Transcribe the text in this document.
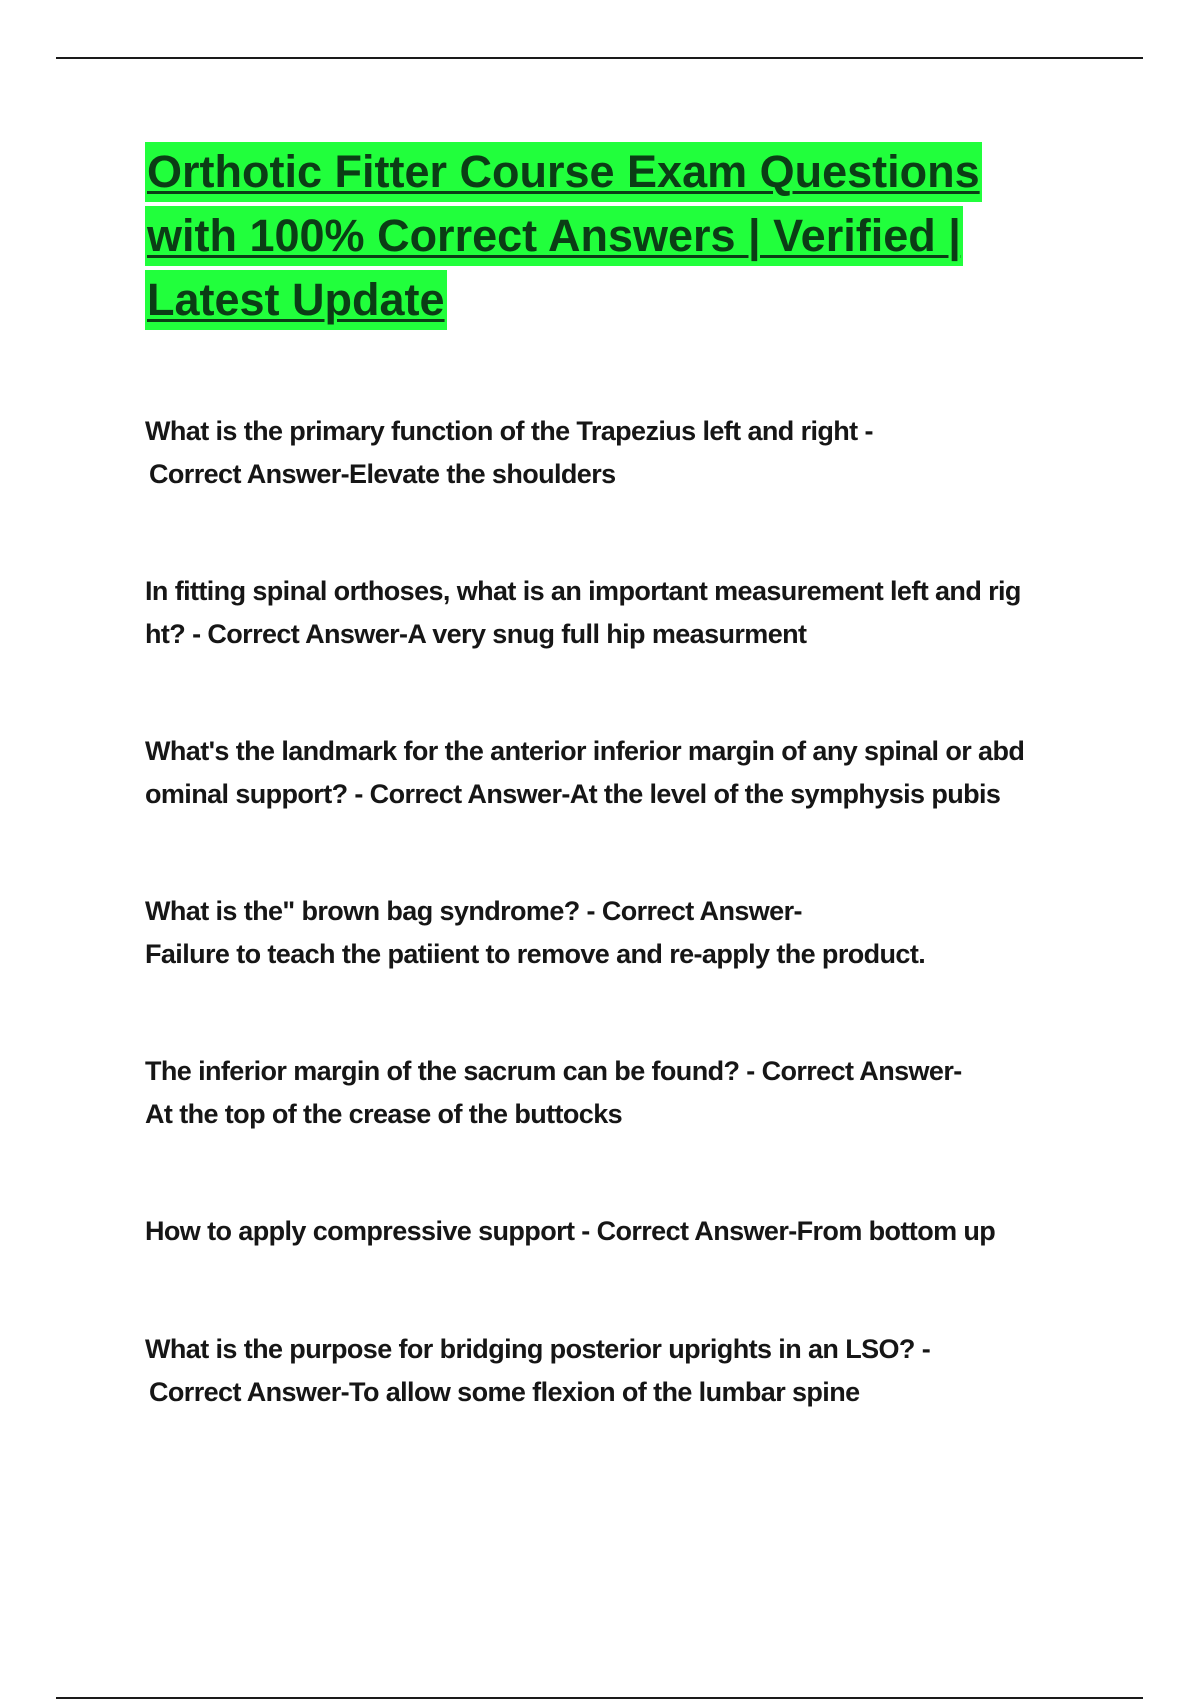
Orthotic Fitter Course Exam Questions
with 100% Correct Answers | Verified |
Latest Update
What is the primary function of the Trapezius left and right -
Correct Answer-Elevate the shoulders
In fitting spinal orthoses, what is an important measurement left and rig
ht? - Correct Answer-A very snug full hip measurment
What's the landmark for the anterior inferior margin of any spinal or abd
ominal support? - Correct Answer-At the level of the symphysis pubis
What is the" brown bag syndrome? - Correct Answer-
Failure to teach the patiient to remove and re-apply the product.
The inferior margin of the sacrum can be found? - Correct Answer-
At the top of the crease of the buttocks
How to apply compressive support - Correct Answer-From bottom up
What is the purpose for bridging posterior uprights in an LSO? -
Correct Answer-To allow some flexion of the lumbar spine
